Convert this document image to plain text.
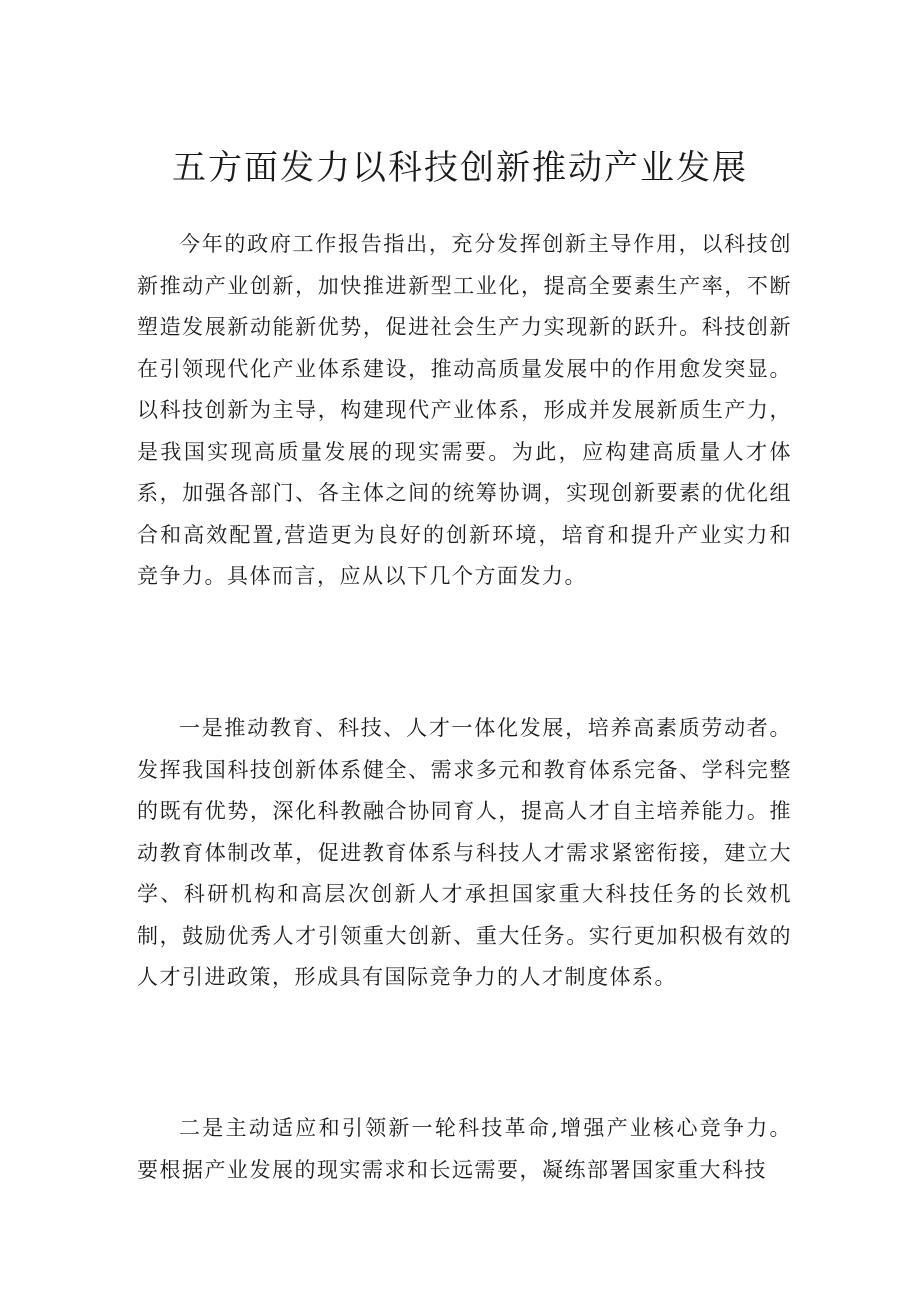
五方面发力以科技创新推动产业发展

今年的政府工作报告指出，充分发挥创新主导作用，以科技创新推动产业创新，加快推进新型工业化，提高全要素生产率，不断塑造发展新动能新优势，促进社会生产力实现新的跃升。科技创新在引领现代化产业体系建设，推动高质量发展中的作用愈发突显。以科技创新为主导，构建现代产业体系，形成并发展新质生产力，是我国实现高质量发展的现实需要。为此，应构建高质量人才体系，加强各部门、各主体之间的统筹协调，实现创新要素的优化组合和高效配置,营造更为良好的创新环境，培育和提升产业实力和竞争力。具体而言，应从以下几个方面发力。

一是推动教育、科技、人才一体化发展，培养高素质劳动者。发挥我国科技创新体系健全、需求多元和教育体系完备、学科完整的既有优势，深化科教融合协同育人，提高人才自主培养能力。推动教育体制改革，促进教育体系与科技人才需求紧密衔接，建立大学、科研机构和高层次创新人才承担国家重大科技任务的长效机制，鼓励优秀人才引领重大创新、重大任务。实行更加积极有效的人才引进政策，形成具有国际竞争力的人才制度体系。

二是主动适应和引领新一轮科技革命,增强产业核心竞争力。要根据产业发展的现实需求和长远需要，凝练部署国家重大科技
